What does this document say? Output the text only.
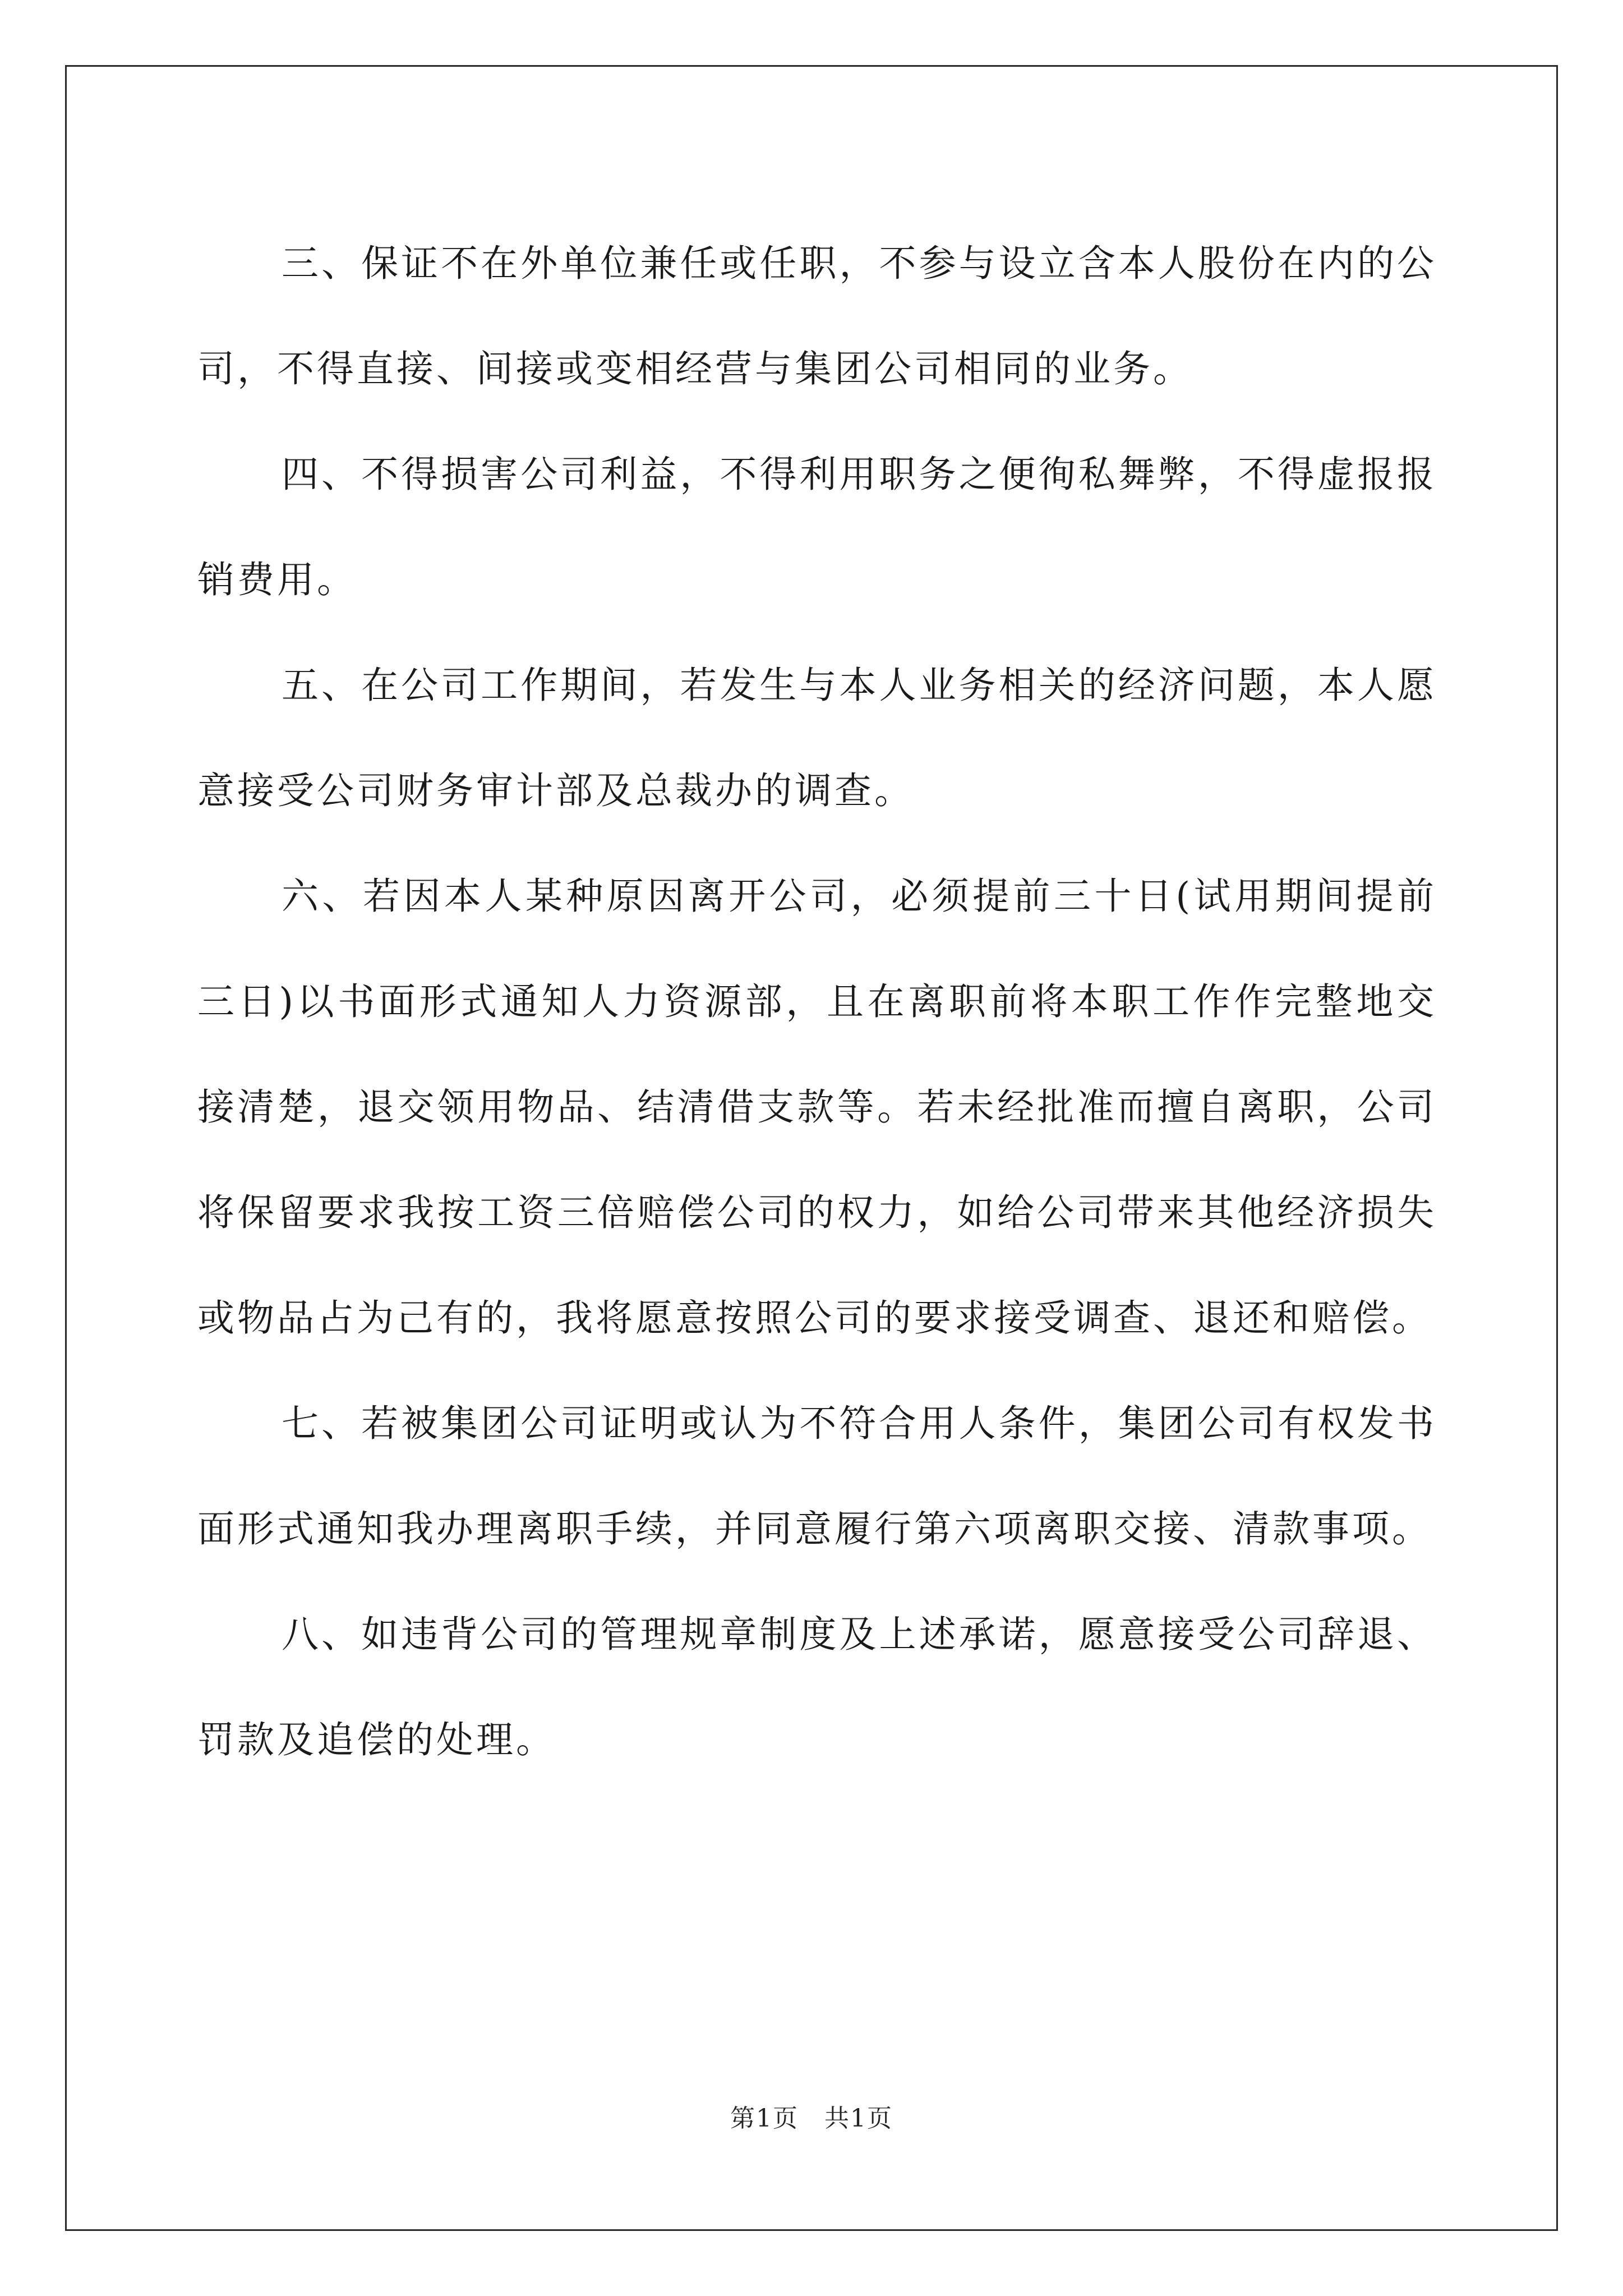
三、保证不在外单位兼任或任职，不参与设立含本人股份在内的公司，不得直接、间接或变相经营与集团公司相同的业务。

四、不得损害公司利益，不得利用职务之便徇私舞弊，不得虚报报销费用。

五、在公司工作期间，若发生与本人业务相关的经济问题，本人愿意接受公司财务审计部及总裁办的调查。

六、若因本人某种原因离开公司，必须提前三十日(试用期间提前三日)以书面形式通知人力资源部，且在离职前将本职工作作完整地交接清楚，退交领用物品、结清借支款等。若未经批准而擅自离职，公司将保留要求我按工资三倍赔偿公司的权力，如给公司带来其他经济损失或物品占为己有的，我将愿意按照公司的要求接受调查、退还和赔偿。

七、若被集团公司证明或认为不符合用人条件，集团公司有权发书面形式通知我办理离职手续，并同意履行第六项离职交接、清款事项。

八、如违背公司的管理规章制度及上述承诺，愿意接受公司辞退、罚款及追偿的处理。

第1页　共1页
